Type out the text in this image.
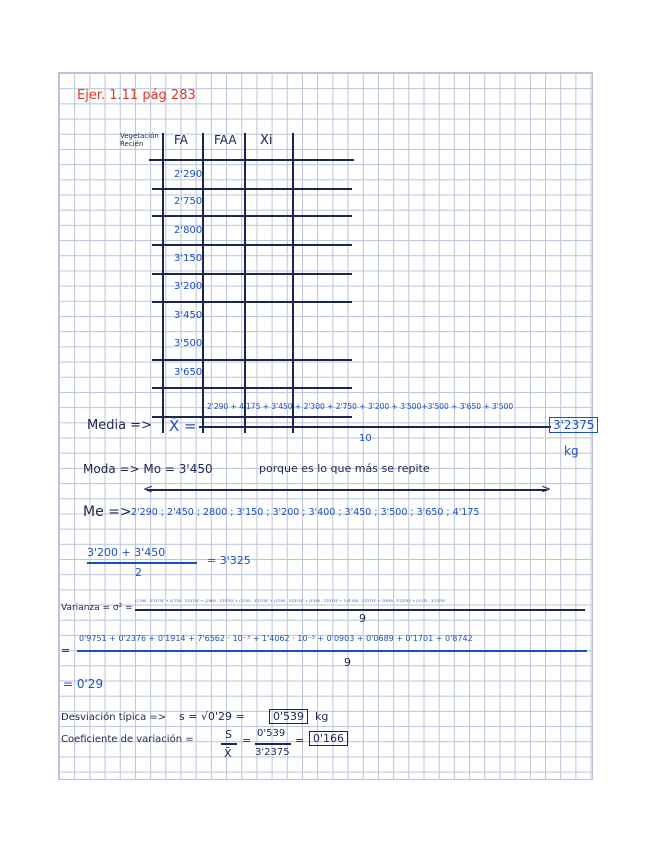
Ejer. 1.11 pág 283
Vegetación
Recién	FA FAA Xi
2'290
2'750
2'800
3'150
3'200
3'450
3'500
3'650
Media => X̄ =
2'290 + 4'175 + 3'450 + 2'300 + 2'750 + 3'200 + 3'500+3'500 + 3'650 + 3'500
10
3'2375
kg
Moda => Mo = 3'450	porque es lo que más se repite
<	>
Me => 2'290 ; 2'450 ; 2800 ; 3'150 ; 3'200 ; 3'400 ; 3'450 ; 3'500 ; 3'650 ; 4'175
3'200 + 3'450
2
= 3'325
Varianza = σ² =
(2'290 - 3'2375)² + (2'750 - 3'2375)² + (2'800 - 3'2375)² + (3'150 - 3'2375)² + (3'200 - 3'2375)² + (3'450 - 3'2375)² + 2·(3'500 - 3'2375)² + (3'650 - 3'2375)² + (4'175 - 3'2375)²
9
=
0'9751 + 0'2376 + 0'1914 + 7'6562 · 10⁻³ + 1'4062 · 10⁻³ + 0'0903 + 0'0689 + 0'1701 + 0'8742
9
= 0'29
Desviación típica => s = √0'29 =	0'539 kg
Coeficiente de variación =	S
X̄
=
0'539
3'2375
= 0'166
